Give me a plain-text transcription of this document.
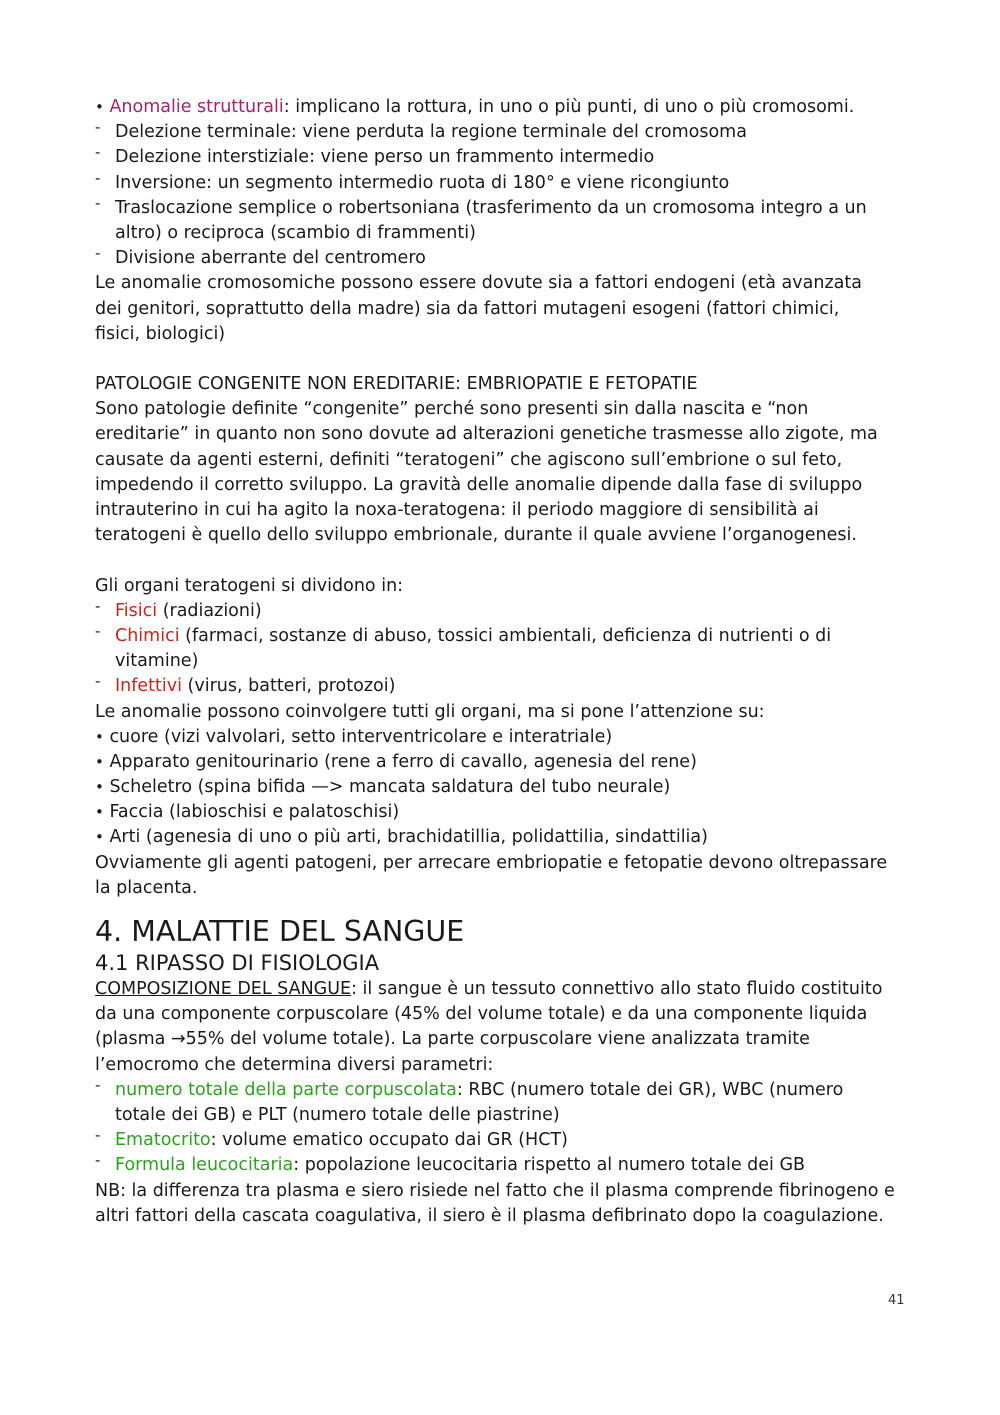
• Anomalie strutturali: implicano la rottura, in uno o più punti, di uno o più cromosomi.
- Delezione terminale: viene perduta la regione terminale del cromosoma
- Delezione interstiziale: viene perso un frammento intermedio
- Inversione: un segmento intermedio ruota di 180° e viene ricongiunto
- Traslocazione semplice o robertsoniana (trasferimento da un cromosoma integro a un
altro) o reciproca (scambio di frammenti)
- Divisione aberrante del centromero
Le anomalie cromosomiche possono essere dovute sia a fattori endogeni (età avanzata
dei genitori, soprattutto della madre) sia da fattori mutageni esogeni (fattori chimici,
fisici, biologici)
PATOLOGIE CONGENITE NON EREDITARIE: EMBRIOPATIE E FETOPATIE
Sono patologie definite “congenite” perché sono presenti sin dalla nascita e “non
ereditarie” in quanto non sono dovute ad alterazioni genetiche trasmesse allo zigote, ma
causate da agenti esterni, definiti “teratogeni” che agiscono sull’embrione o sul feto,
impedendo il corretto sviluppo. La gravità delle anomalie dipende dalla fase di sviluppo
intrauterino in cui ha agito la noxa-teratogena: il periodo maggiore di sensibilità ai
teratogeni è quello dello sviluppo embrionale, durante il quale avviene l’organogenesi.
Gli organi teratogeni si dividono in:
- Fisici (radiazioni)
- Chimici (farmaci, sostanze di abuso, tossici ambientali, deficienza di nutrienti o di
vitamine)
- Infettivi (virus, batteri, protozoi)
Le anomalie possono coinvolgere tutti gli organi, ma si pone l’attenzione su:
• cuore (vizi valvolari, setto interventricolare e interatriale)
• Apparato genitourinario (rene a ferro di cavallo, agenesia del rene)
• Scheletro (spina bifida —> mancata saldatura del tubo neurale)
• Faccia (labioschisi e palatoschisi)
• Arti (agenesia di uno o più arti, brachidatillia, polidattilia, sindattilia)
Ovviamente gli agenti patogeni, per arrecare embriopatie e fetopatie devono oltrepassare
la placenta.
4. MALATTIE DEL SANGUE
4.1 RIPASSO DI FISIOLOGIA
COMPOSIZIONE DEL SANGUE: il sangue è un tessuto connettivo allo stato fluido costituito
da una componente corpuscolare (45% del volume totale) e da una componente liquida
(plasma →55% del volume totale). La parte corpuscolare viene analizzata tramite
l’emocromo che determina diversi parametri:
- numero totale della parte corpuscolata: RBC (numero totale dei GR), WBC (numero
totale dei GB) e PLT (numero totale delle piastrine)
- Ematocrito: volume ematico occupato dai GR (HCT)
- Formula leucocitaria: popolazione leucocitaria rispetto al numero totale dei GB
NB: la differenza tra plasma e siero risiede nel fatto che il plasma comprende fibrinogeno e
altri fattori della cascata coagulativa, il siero è il plasma defibrinato dopo la coagulazione.
41
